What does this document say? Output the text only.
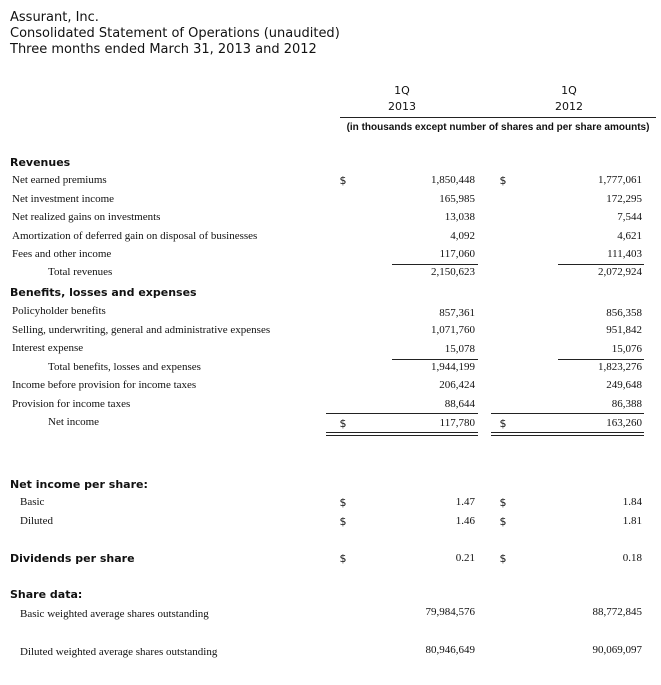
Assurant, Inc.
Consolidated Statement of Operations (unaudited)
Three months ended March 31, 2013 and 2012
1Q
2013
1Q
2012
(in thousands except number of shares and per share amounts)
Revenues
Net earned premiums	$	1,850,448 $	1,777,061
Net investment income	165,985	172,295
Net realized gains on investments	13,038	7,544
Amortization of deferred gain on disposal of businesses	4,092	4,621
Fees and other income	117,060	111,403
Total revenues	2,150,623	2,072,924
Benefits, losses and expenses
Policyholder benefits	857,361	856,358
Selling, underwriting, general and administrative expenses	1,071,760	951,842
Interest expense	15,078	15,076
Total benefits, losses and expenses	1,944,199	1,823,276
Income before provision for income taxes	206,424	249,648
Provision for income taxes	88,644	86,388
Net income	$	117,780 $	163,260
Net income per share:
Basic	$	1.47 $	1.84
Diluted	$	1.46 $	1.81
Dividends per share	$	0.21 $	0.18
Share data:
Basic weighted average shares outstanding	79,984,576	88,772,845
Diluted weighted average shares outstanding	80,946,649	90,069,097
